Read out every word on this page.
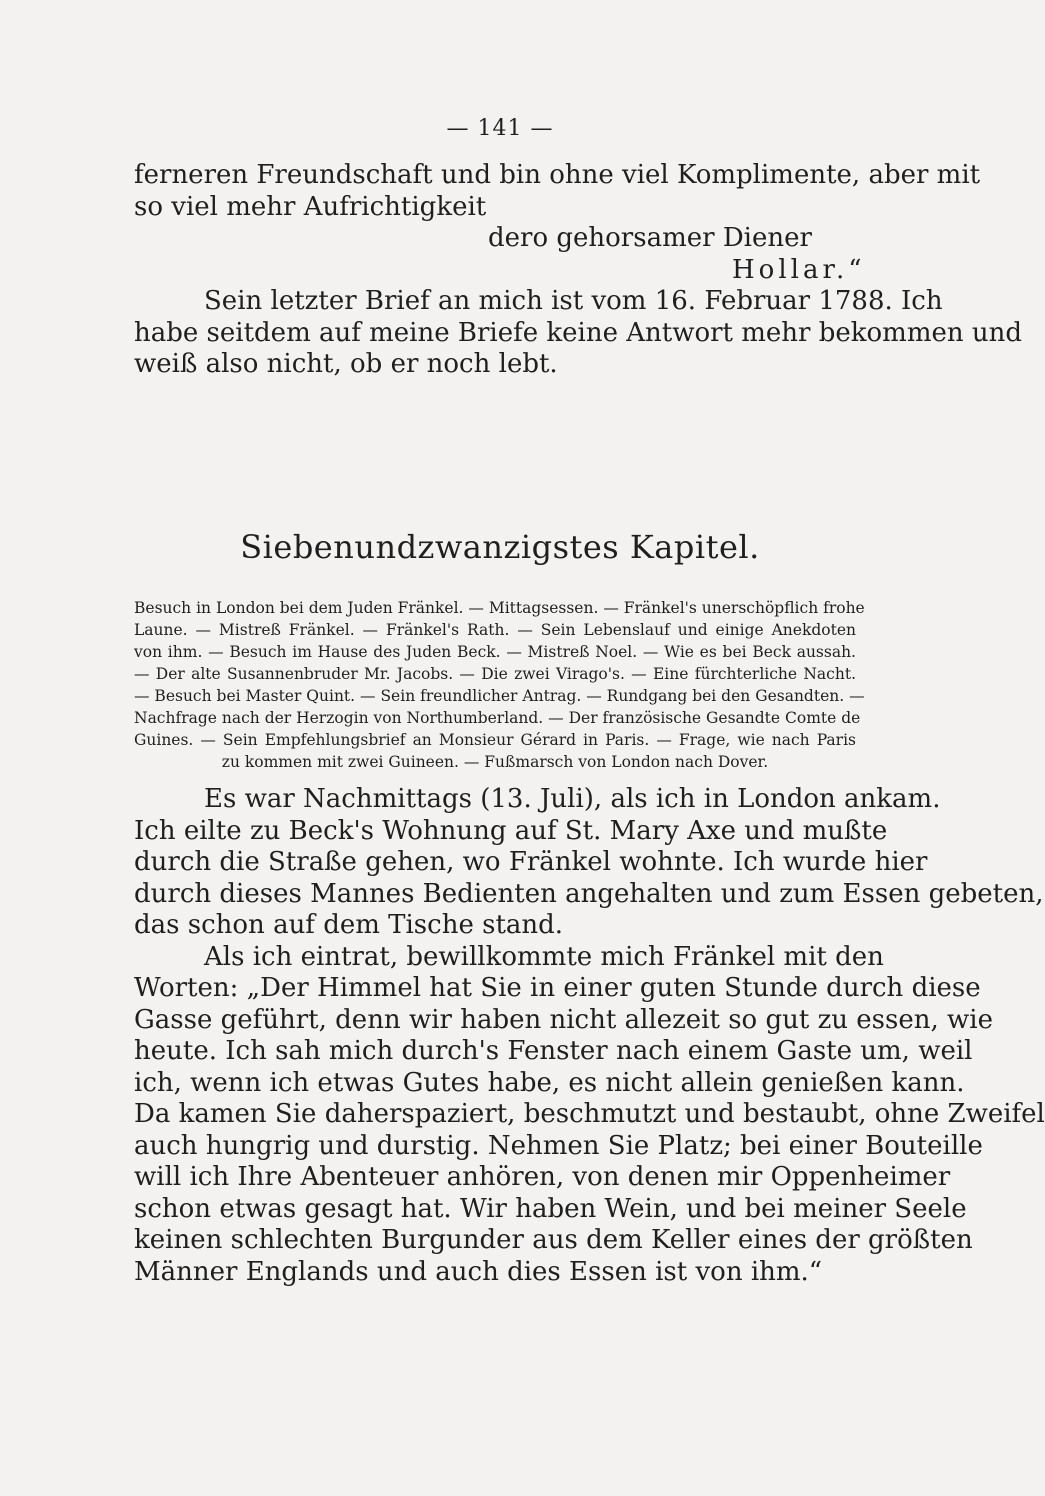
— 141 —
ferneren Freundschaft und bin ohne viel Komplimente, aber mit
so viel mehr Aufrichtigkeit
dero gehorsamer Diener
Hollar.“
Sein letzter Brief an mich ist vom 16. Februar 1788. Ich
habe seitdem auf meine Briefe keine Antwort mehr bekommen und
weiß also nicht, ob er noch lebt.
Siebenundzwanzigstes Kapitel.
Besuch in London bei dem Juden Fränkel. — Mittagsessen. — Fränkel's unerschöpflich frohe
Laune. — Mistreß Fränkel. — Fränkel's Rath. — Sein Lebenslauf und einige Anekdoten
von ihm. — Besuch im Hause des Juden Beck. — Mistreß Noel. — Wie es bei Beck aussah.
— Der alte Susannenbruder Mr. Jacobs. — Die zwei Virago's. — Eine fürchterliche Nacht.
— Besuch bei Master Quint. — Sein freundlicher Antrag. — Rundgang bei den Gesandten. —
Nachfrage nach der Herzogin von Northumberland. — Der französische Gesandte Comte de
Guines. — Sein Empfehlungsbrief an Monsieur Gérard in Paris. — Frage, wie nach Paris
zu kommen mit zwei Guineen. — Fußmarsch von London nach Dover.
Es war Nachmittags (13. Juli), als ich in London ankam.
Ich eilte zu Beck's Wohnung auf St. Mary Axe und mußte
durch die Straße gehen, wo Fränkel wohnte. Ich wurde hier
durch dieses Mannes Bedienten angehalten und zum Essen gebeten,
das schon auf dem Tische stand.
Als ich eintrat, bewillkommte mich Fränkel mit den
Worten: „Der Himmel hat Sie in einer guten Stunde durch diese
Gasse geführt, denn wir haben nicht allezeit so gut zu essen, wie
heute. Ich sah mich durch's Fenster nach einem Gaste um, weil
ich, wenn ich etwas Gutes habe, es nicht allein genießen kann.
Da kamen Sie daherspaziert, beschmutzt und bestaubt, ohne Zweifel
auch hungrig und durstig. Nehmen Sie Platz; bei einer Bouteille
will ich Ihre Abenteuer anhören, von denen mir Oppenheimer
schon etwas gesagt hat. Wir haben Wein, und bei meiner Seele
keinen schlechten Burgunder aus dem Keller eines der größten
Männer Englands und auch dies Essen ist von ihm.“
